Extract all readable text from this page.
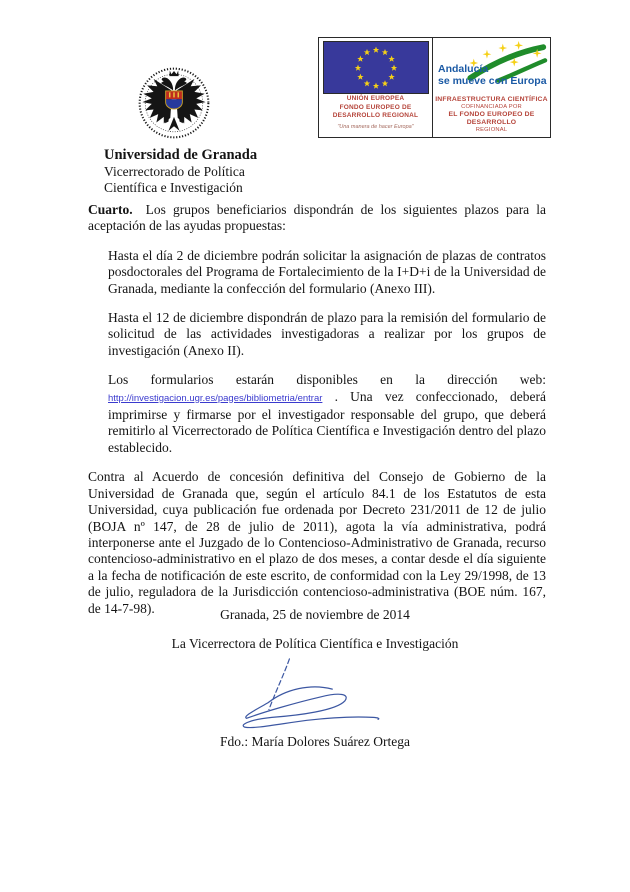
Universidad de Granada
Vicerrectorado de Política
Científica e Investigación
UNIÓN EUROPEA
FONDO EUROPEO DE
DESARROLLO REGIONAL
"Una manera de hacer Europa"
Andalucía
se mueve con Europa
INFRAESTRUCTURA CIENTÍFICA
COFINANCIADA POR
EL FONDO EUROPEO DE DESARROLLO
REGIONAL

Cuarto. Los grupos beneficiarios dispondrán de los siguientes plazos para la aceptación de las ayudas propuestas:

Hasta el día 2 de diciembre podrán solicitar la asignación de plazas de contratos posdoctorales del Programa de Fortalecimiento de la I+D+i de la Universidad de Granada, mediante la confección del formulario (Anexo III).

Hasta el 12 de diciembre dispondrán de plazo para la remisión del formulario de solicitud de las actividades investigadoras a realizar por los grupos de investigación (Anexo II).

Los formularios estarán disponibles en la dirección web: http://investigacion.ugr.es/pages/bibliometria/entrar . Una vez confeccionado, deberá imprimirse y firmarse por el investigador responsable del grupo, que deberá remitirlo al Vicerrectorado de Política Científica e Investigación dentro del plazo establecido.

Contra al Acuerdo de concesión definitiva del Consejo de Gobierno de la Universidad de Granada que, según el artículo 84.1 de los Estatutos de esta Universidad, cuya publicación fue ordenada por Decreto 231/2011 de 12 de julio (BOJA nº 147, de 28 de julio de 2011), agota la vía administrativa, podrá interponerse ante el Juzgado de lo Contencioso-Administrativo de Granada, recurso contencioso-administrativo en el plazo de dos meses, a contar desde el día siguiente a la fecha de notificación de este escrito, de conformidad con la Ley 29/1998, de 13 de julio, reguladora de la Jurisdicción contencioso-administrativa (BOE núm. 167, de 14-7-98).	Granada, 25 de noviembre de 2014

La Vicerrectora de Política Científica e Investigación

Fdo.: María Dolores Suárez Ortega
